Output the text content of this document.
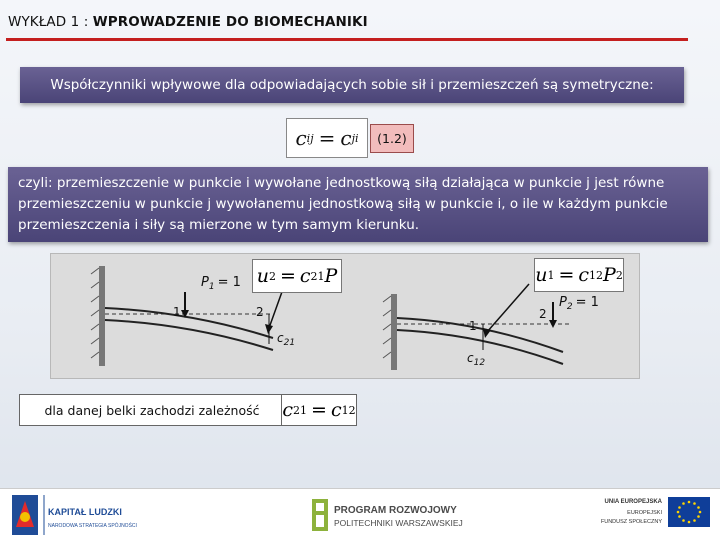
WYKŁAD 1 : WPROWADZENIE DO BIOMECHANIKI
Współczynniki wpływowe dla odpowiadających sobie sił i przemieszczeń są symetryczne:
c ij = c ji	(1.2)
czyli: przemieszczenie w punkcie i wywołane jednostkową siłą działająca w punkcie j jest równe przemieszczeniu w punkcie j wywołanemu jednostkową siłą w punkcie i, o ile w każdym punkcie przemieszczenia i siły są mierzone w tym samym kierunku.
1	2
$P_1 = 1$
$c_{21}$
1
2
$P_2 = 1$
$c_{12}$
u 2 = c 21 P	u 1 = c 12 P 2
dla danej belki zachodzi zależność c 21 = c 12
KAPITAŁ LUDZKI
NARODOWA STRATEGIA SPÓJNOŚCI
PROGRAM ROZWOJOWY
POLITECHNIKI WARSZAWSKIEJ
UNIA EUROPEJSKA
EUROPEJSKI
FUNDUSZ SPOŁECZNY
